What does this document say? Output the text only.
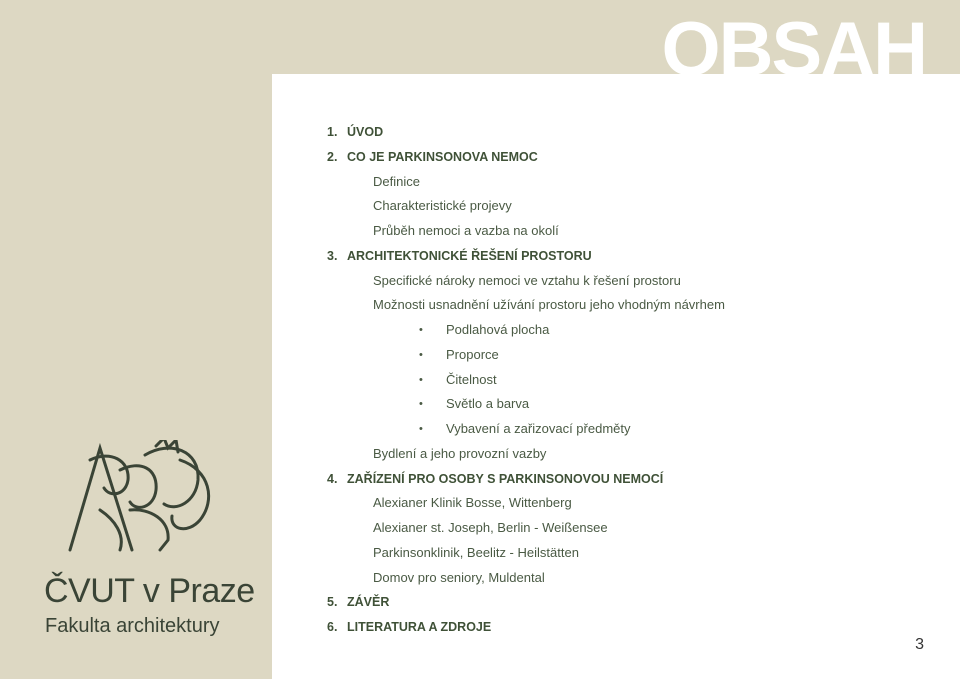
OBSAH
ČVUT v Praze
Fakulta architektury
1. ÚVOD
2. CO JE PARKINSONOVA NEMOC
Definice
Charakteristické projevy
Průběh nemoci a vazba na okolí
3. ARCHITEKTONICKÉ ŘEŠENÍ PROSTORU
Specifické nároky nemoci ve vztahu k řešení prostoru
Možnosti usnadnění užívání prostoru jeho vhodným návrhem
• Podlahová plocha
• Proporce
• Čitelnost
• Světlo a barva
• Vybavení a zařizovací předměty
Bydlení a jeho provozní vazby
4. ZAŘÍZENÍ PRO OSOBY S PARKINSONOVOU NEMOCÍ
Alexianer Klinik Bosse, Wittenberg
Alexianer st. Joseph, Berlin - Weißensee
Parkinsonklinik, Beelitz - Heilstätten
Domov pro seniory, Muldental
5. ZÁVĚR
6. LITERATURA A ZDROJE
3
